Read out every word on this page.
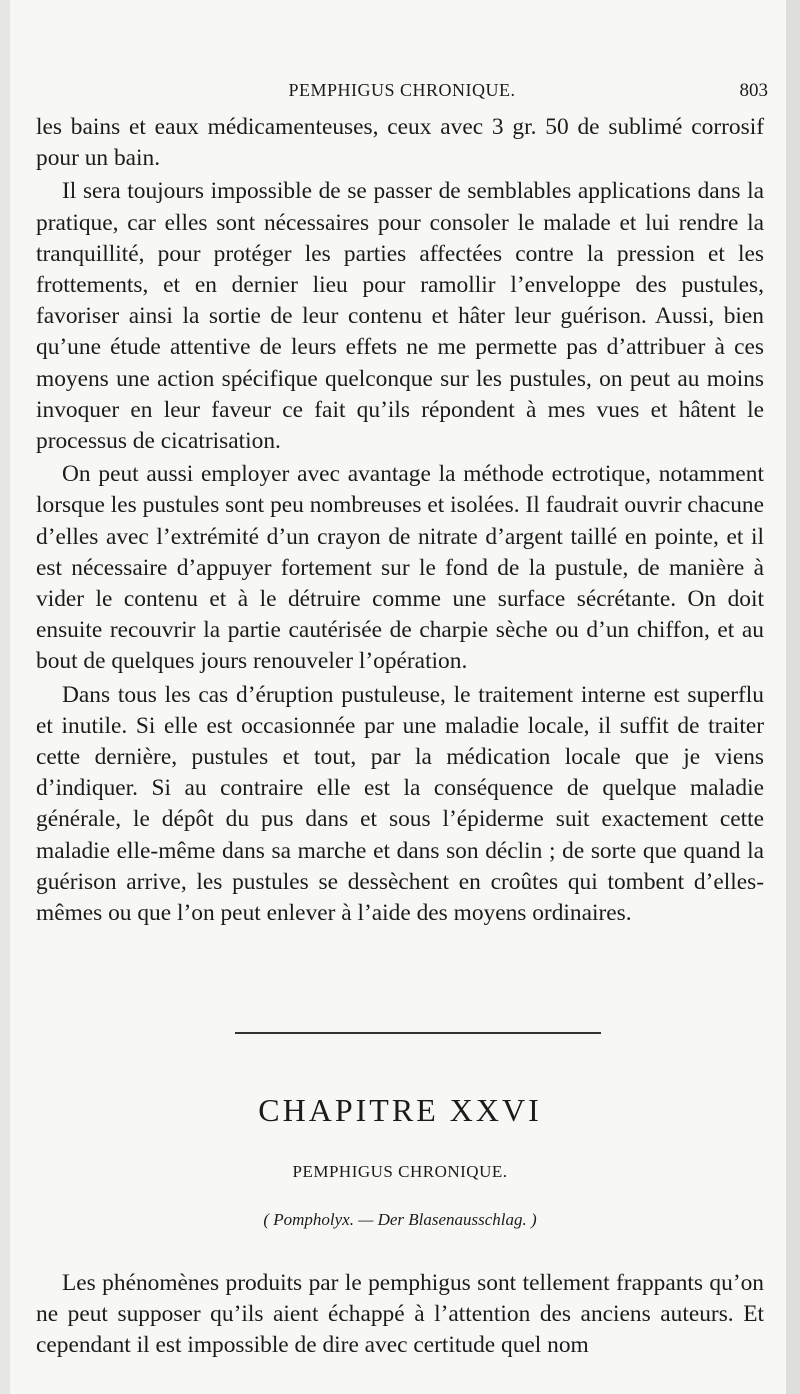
PEMPHIGUS CHRONIQUE.	803

les bains et eaux médicamenteuses, ceux avec 3 gr. 50 de sublimé corrosif pour un bain.

Il sera toujours impossible de se passer de semblables applications dans la pratique, car elles sont nécessaires pour consoler le malade et lui rendre la tranquillité, pour protéger les parties affectées contre la pression et les frottements, et en dernier lieu pour ramollir l’enveloppe des pustules, favoriser ainsi la sortie de leur contenu et hâter leur guérison. Aussi, bien qu’une étude attentive de leurs effets ne me permette pas d’attribuer à ces moyens une action spécifique quelconque sur les pustules, on peut au moins invoquer en leur faveur ce fait qu’ils répondent à mes vues et hâtent le processus de cicatrisation.

On peut aussi employer avec avantage la méthode ectrotique, notamment lorsque les pustules sont peu nombreuses et isolées. Il faudrait ouvrir chacune d’elles avec l’extrémité d’un crayon de nitrate d’argent taillé en pointe, et il est nécessaire d’appuyer fortement sur le fond de la pustule, de manière à vider le contenu et à le détruire comme une surface sécrétante. On doit ensuite recouvrir la partie cautérisée de charpie sèche ou d’un chiffon, et au bout de quelques jours renouveler l’opération.

Dans tous les cas d’éruption pustuleuse, le traitement interne est superflu et inutile. Si elle est occasionnée par une maladie locale, il suffit de traiter cette dernière, pustules et tout, par la médication locale que je viens d’indiquer. Si au contraire elle est la conséquence de quelque maladie générale, le dépôt du pus dans et sous l’épiderme suit exactement cette maladie elle-même dans sa marche et dans son déclin ; de sorte que quand la guérison arrive, les pustules se dessèchent en croûtes qui tombent d’elles-mêmes ou que l’on peut enlever à l’aide des moyens ordinaires.

CHAPITRE XXVI
PEMPHIGUS CHRONIQUE.
( Pompholyx. — Der Blasenausschlag. )

Les phénomènes produits par le pemphigus sont tellement frappants qu’on ne peut supposer qu’ils aient échappé à l’attention des anciens auteurs. Et cependant il est impossible de dire avec certitude quel nom
